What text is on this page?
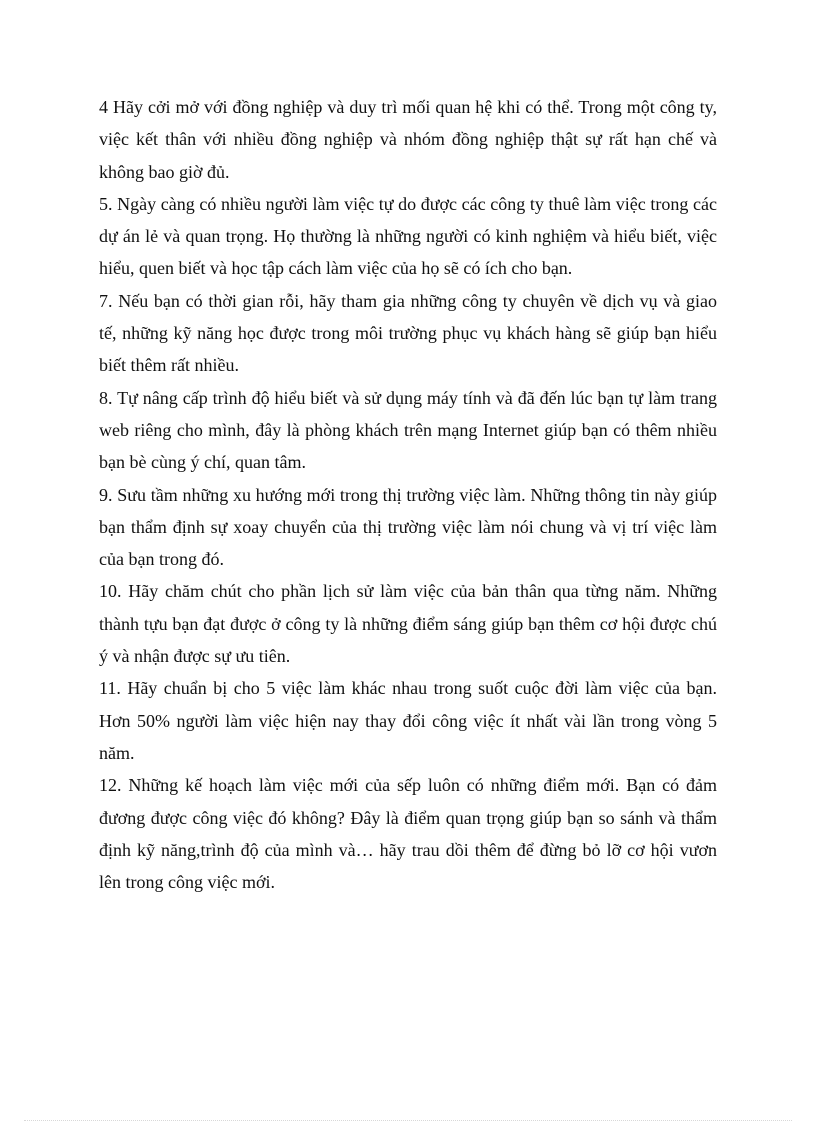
4 Hãy cởi mở với đồng nghiệp và duy trì mối quan hệ khi có thể. Trong một công ty, việc kết thân với nhiều đồng nghiệp và nhóm đồng nghiệp thật sự rất hạn chế và không bao giờ đủ.

5. Ngày càng có nhiều người làm việc tự do được các công ty thuê làm việc trong các dự án lẻ và quan trọng. Họ thường là những người có kinh nghiệm và hiểu biết, việc hiểu, quen biết và học tập cách làm việc của họ sẽ có ích cho bạn.

7. Nếu bạn có thời gian rỗi, hãy tham gia những công ty chuyên về dịch vụ và giao tế, những kỹ năng học được trong môi trường phục vụ khách hàng sẽ giúp bạn hiểu biết thêm rất nhiều.

8. Tự nâng cấp trình độ hiểu biết và sử dụng máy tính và đã đến lúc bạn tự làm trang web riêng cho mình, đây là phòng khách trên mạng Internet giúp bạn có thêm nhiều bạn bè cùng ý chí, quan tâm.

9. Sưu tầm những xu hướng mới trong thị trường việc làm. Những thông tin này giúp bạn thẩm định sự xoay chuyển của thị trường việc làm nói chung và vị trí việc làm của bạn trong đó.

10. Hãy chăm chút cho phần lịch sử làm việc của bản thân qua từng năm. Những thành tựu bạn đạt được ở công ty là những điểm sáng giúp bạn thêm cơ hội được chú ý và nhận được sự ưu tiên.

11. Hãy chuẩn bị cho 5 việc làm khác nhau trong suốt cuộc đời làm việc của bạn. Hơn 50% người làm việc hiện nay thay đổi công việc ít nhất vài lần trong vòng 5 năm.

12. Những kế hoạch làm việc mới của sếp luôn có những điểm mới. Bạn có đảm đương được công việc đó không? Đây là điểm quan trọng giúp bạn so sánh và thẩm định kỹ năng,trình độ của mình và… hãy trau dồi thêm để đừng bỏ lỡ cơ hội vươn lên trong công việc mới.
